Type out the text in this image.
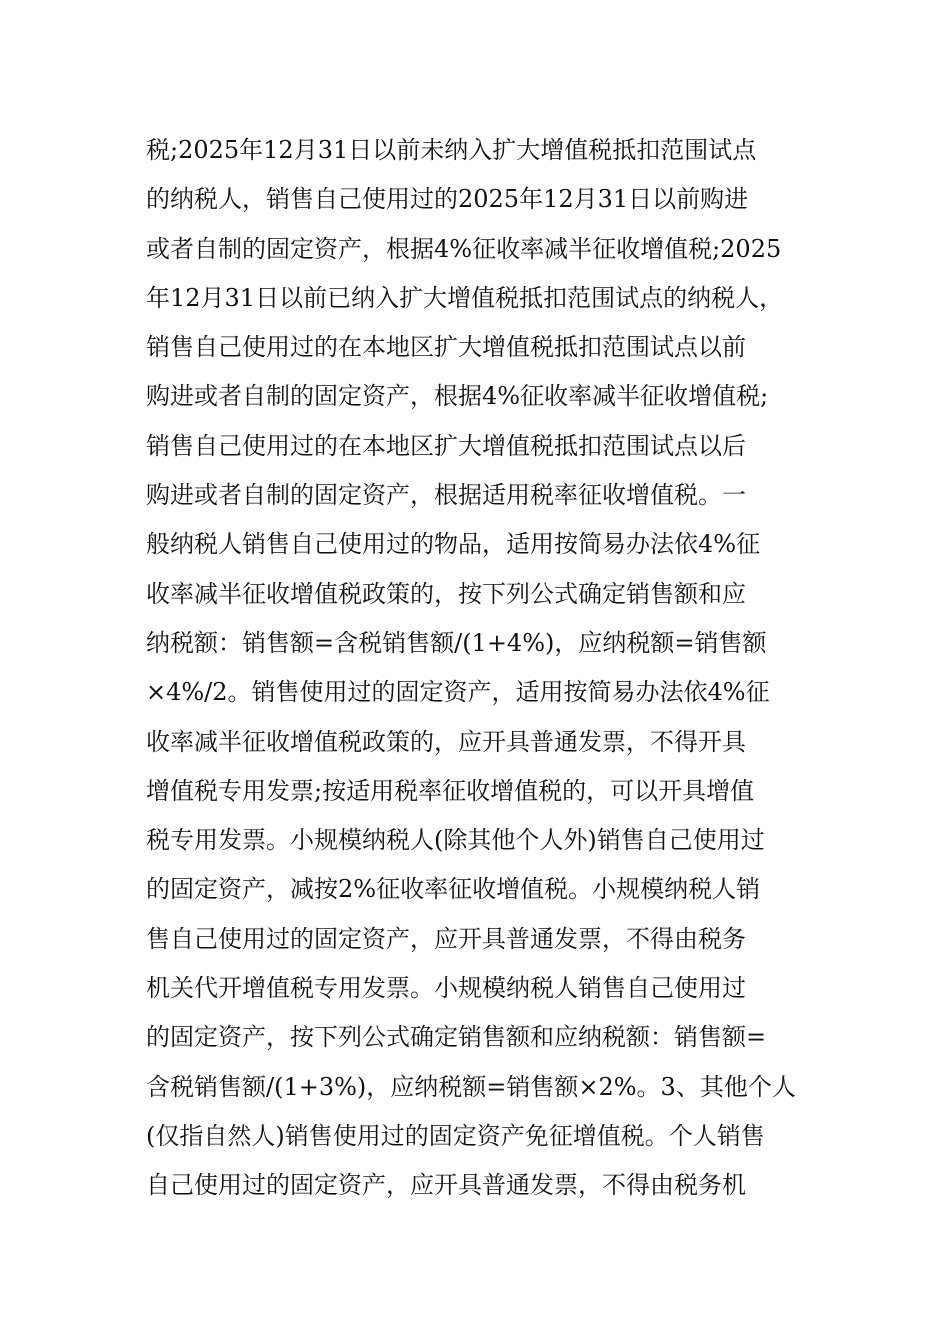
税;2025年12月31日以前未纳入扩大增值税抵扣范围试点
的纳税人，销售自己使用过的2025年12月31日以前购进
或者自制的固定资产，根据4%征收率减半征收增值税;2025
年12月31日以前已纳入扩大增值税抵扣范围试点的纳税人，
销售自己使用过的在本地区扩大增值税抵扣范围试点以前
购进或者自制的固定资产，根据4%征收率减半征收增值税;
销售自己使用过的在本地区扩大增值税抵扣范围试点以后
购进或者自制的固定资产，根据适用税率征收增值税。一
般纳税人销售自己使用过的物品，适用按简易办法依4%征
收率减半征收增值税政策的，按下列公式确定销售额和应
纳税额：销售额=含税销售额/(1+4%)，应纳税额=销售额
×4%/2。销售使用过的固定资产，适用按简易办法依4%征
收率减半征收增值税政策的，应开具普通发票，不得开具
增值税专用发票;按适用税率征收增值税的，可以开具增值
税专用发票。小规模纳税人(除其他个人外)销售自己使用过
的固定资产，减按2%征收率征收增值税。小规模纳税人销
售自己使用过的固定资产，应开具普通发票，不得由税务
机关代开增值税专用发票。小规模纳税人销售自己使用过
的固定资产，按下列公式确定销售额和应纳税额：销售额=
含税销售额/(1+3%)，应纳税额=销售额×2%。3、其他个人
(仅指自然人)销售使用过的固定资产免征增值税。个人销售
自己使用过的固定资产，应开具普通发票，不得由税务机
